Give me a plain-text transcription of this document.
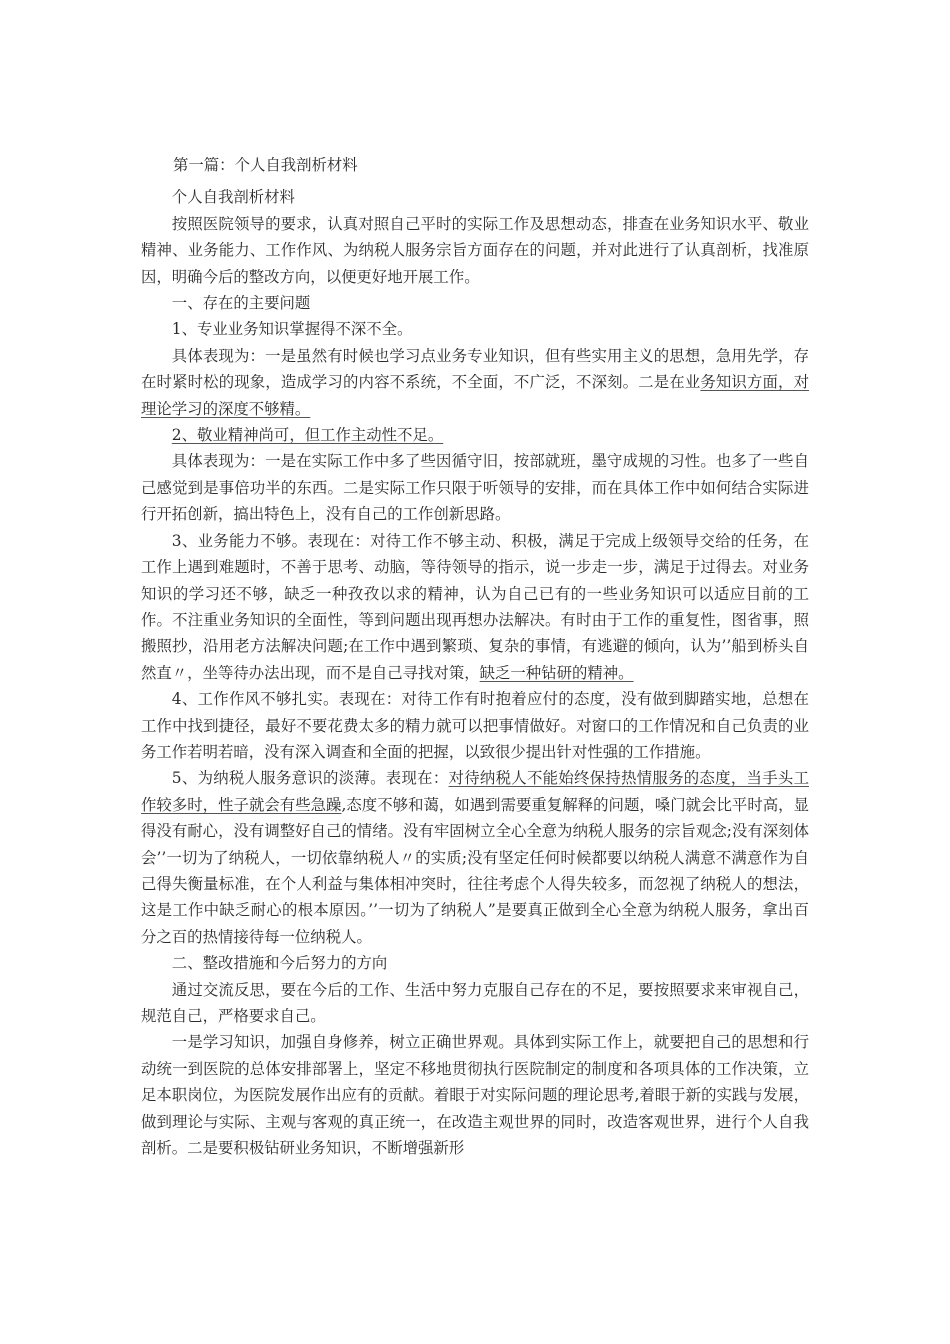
第一篇：个人自我剖析材料

个人自我剖析材料

按照医院领导的要求，认真对照自己平时的实际工作及思想动态，排查在业务知识水平、敬业精神、业务能力、工作作风、为纳税人服务宗旨方面存在的问题，并对此进行了认真剖析，找准原因，明确今后的整改方向，以便更好地开展工作。

一、存在的主要问题

1、专业业务知识掌握得不深不全。

具体表现为：一是虽然有时候也学习点业务专业知识，但有些实用主义的思想，急用先学，存在时紧时松的现象，造成学习的内容不系统，不全面，不广泛，不深刻。二是在业务知识方面，对理论学习的深度不够精。

2、敬业精神尚可，但工作主动性不足。

具体表现为：一是在实际工作中多了些因循守旧，按部就班，墨守成规的习性。也多了一些自己感觉到是事倍功半的东西。二是实际工作只限于听领导的安排，而在具体工作中如何结合实际进行开拓创新，搞出特色上，没有自己的工作创新思路。

3、业务能力不够。表现在：对待工作不够主动、积极，满足于完成上级领导交给的任务，在工作上遇到难题时，不善于思考、动脑，等待领导的指示，说一步走一步，满足于过得去。对业务知识的学习还不够，缺乏一种孜孜以求的精神，认为自己已有的一些业务知识可以适应目前的工作。不注重业务知识的全面性，等到问题出现再想办法解决。有时由于工作的重复性，图省事，照搬照抄，沿用老方法解决问题;在工作中遇到繁琐、复杂的事情，有逃避的倾向，认为’’船到桥头自然直〃，坐等待办法出现，而不是自己寻找对策，缺乏一种钻研的精神。

4、工作作风不够扎实。表现在：对待工作有时抱着应付的态度，没有做到脚踏实地，总想在工作中找到捷径，最好不要花费太多的精力就可以把事情做好。对窗口的工作情况和自己负责的业务工作若明若暗，没有深入调查和全面的把握，以致很少提出针对性强的工作措施。

5、为纳税人服务意识的淡薄。表现在：对待纳税人不能始终保持热情服务的态度，当手头工作较多时，性子就会有些急躁,态度不够和蔼，如遇到需要重复解释的问题，嗓门就会比平时高，显得没有耐心，没有调整好自己的情绪。没有牢固树立全心全意为纳税人服务的宗旨观念;没有深刻体会’’一切为了纳税人，一切依靠纳税人〃的实质;没有坚定任何时候都要以纳税人满意不满意作为自己得失衡量标准，在个人利益与集体相冲突时，往往考虑个人得失较多，而忽视了纳税人的想法，这是工作中缺乏耐心的根本原因。’’一切为了纳税人”是要真正做到全心全意为纳税人服务，拿出百分之百的热情接待每一位纳税人。

二、整改措施和今后努力的方向

通过交流反思，要在今后的工作、生活中努力克服自己存在的不足，要按照要求来审视自己，规范自己，严格要求自己。

一是学习知识，加强自身修养，树立正确世界观。具体到实际工作上，就要把自己的思想和行动统一到医院的总体安排部署上，坚定不移地贯彻执行医院制定的制度和各项具体的工作决策，立足本职岗位，为医院发展作出应有的贡献。着眼于对实际问题的理论思考,着眼于新的实践与发展，做到理论与实际、主观与客观的真正统一，在改造主观世界的同时，改造客观世界，进行个人自我剖析。二是要积极钻研业务知识，不断增强新形
